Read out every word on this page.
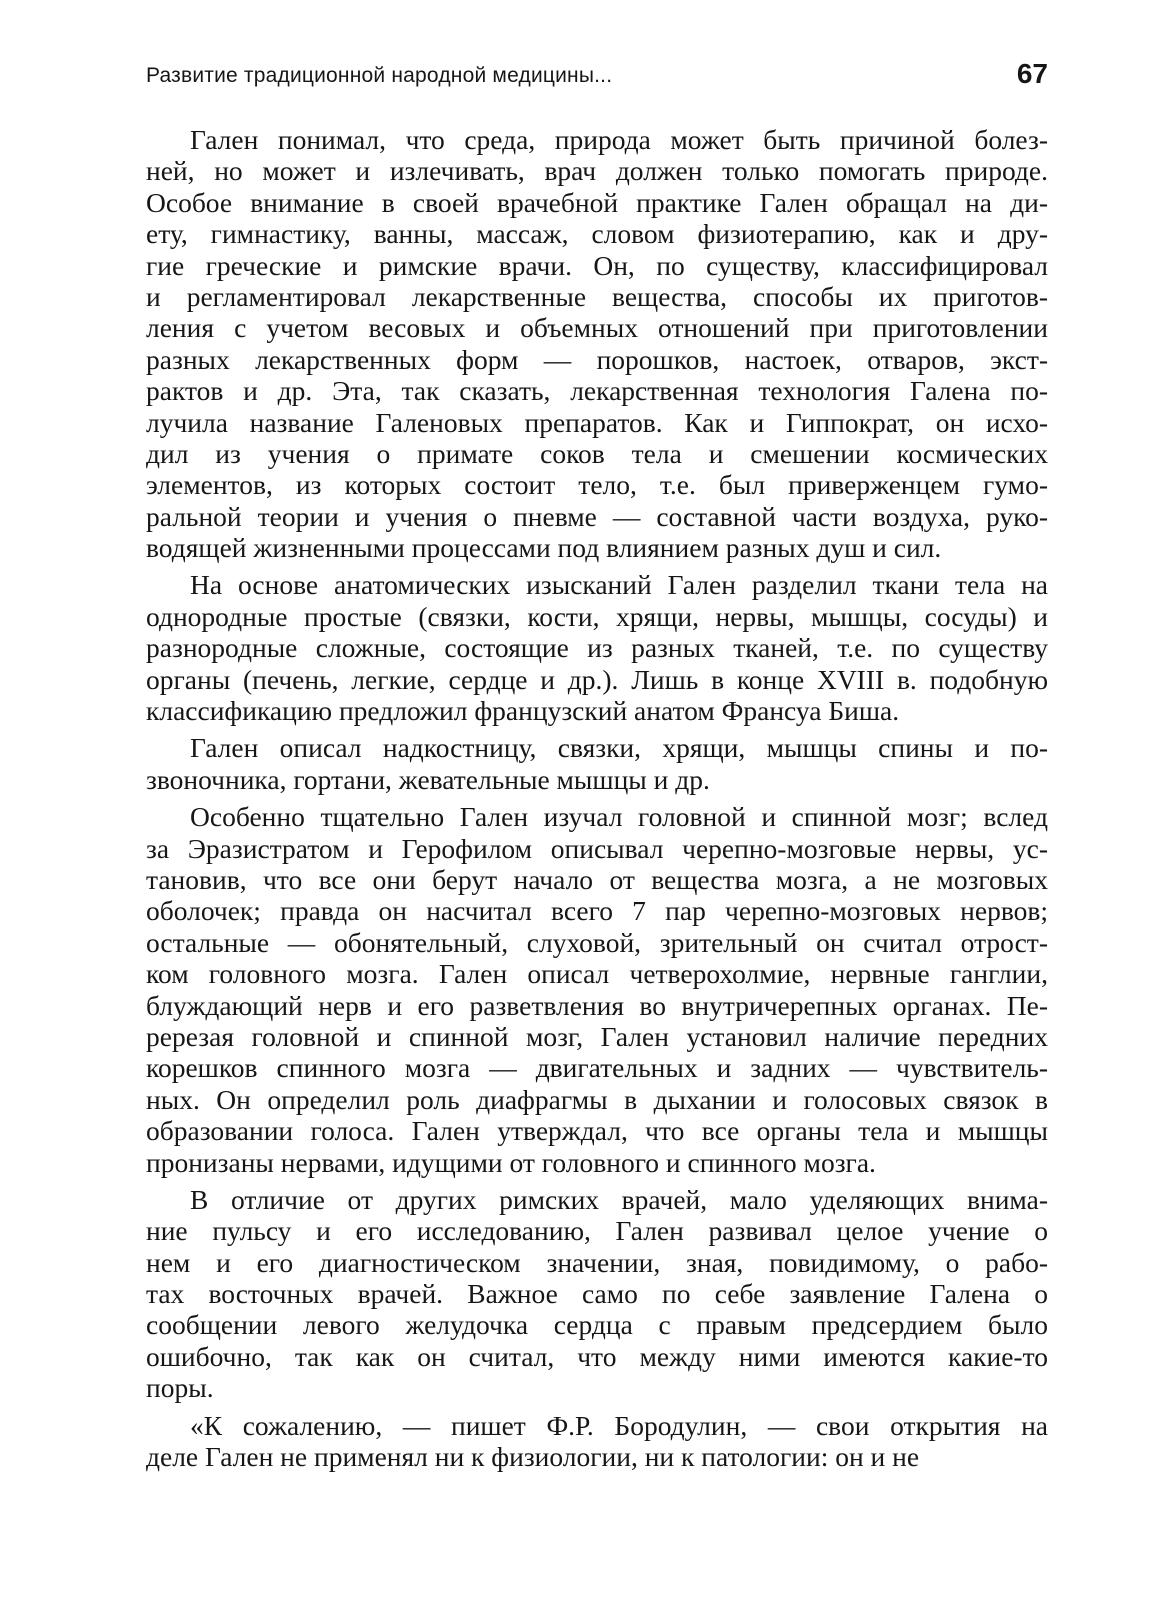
Развитие традиционной народной медицины...	67
Гален понимал, что среда, природа может быть причиной болез-
ней, но может и излечивать, врач должен только помогать природе.
Особое внимание в своей врачебной практике Гален обращал на ди-
ету, гимнастику, ванны, массаж, словом физиотерапию, как и дру-
гие греческие и римские врачи. Он, по существу, классифицировал
и регламентировал лекарственные вещества, способы их приготов-
ления с учетом весовых и объемных отношений при приготовлении
разных лекарственных форм — порошков, настоек, отваров, экст-
рактов и др. Эта, так сказать, лекарственная технология Галена по-
лучила название Галеновых препаратов. Как и Гиппократ, он исхо-
дил из учения о примате соков тела и смешении космических
элементов, из которых состоит тело, т.е. был приверженцем гумо-
ральной теории и учения о пневме — составной части воздуха, руко-
водящей жизненными процессами под влиянием разных душ и сил.
На основе анатомических изысканий Гален разделил ткани тела на
однородные простые (связки, кости, хрящи, нервы, мышцы, сосуды) и
разнородные сложные, состоящие из разных тканей, т.е. по существу
органы (печень, легкие, сердце и др.). Лишь в конце XVIII в. подобную
классификацию предложил французский анатом Франсуа Биша.
Гален описал надкостницу, связки, хрящи, мышцы спины и по-
звоночника, гортани, жевательные мышцы и др.
Особенно тщательно Гален изучал головной и спинной мозг; вслед
за Эразистратом и Герофилом описывал черепно-мозговые нервы, ус-
тановив, что все они берут начало от вещества мозга, а не мозговых
оболочек; правда он насчитал всего 7 пар черепно-мозговых нервов;
остальные — обонятельный, слуховой, зрительный он считал отрост-
ком головного мозга. Гален описал четверохолмие, нервные ганглии,
блуждающий нерв и его разветвления во внутричерепных органах. Пе-
ререзая головной и спинной мозг, Гален установил наличие передних
корешков спинного мозга — двигательных и задних — чувствитель-
ных. Он определил роль диафрагмы в дыхании и голосовых связок в
образовании голоса. Гален утверждал, что все органы тела и мышцы
пронизаны нервами, идущими от головного и спинного мозга.
В отличие от других римских врачей, мало уделяющих внима-
ние пульсу и его исследованию, Гален развивал целое учение о
нем и его диагностическом значении, зная, повидимому, о рабо-
тах восточных врачей. Важное само по себе заявление Галена о
сообщении левого желудочка сердца с правым предсердием было
ошибочно, так как он считал, что между ними имеются какие-то
поры.
«К сожалению, — пишет Ф.Р. Бородулин, — свои открытия на
деле Гален не применял ни к физиологии, ни к патологии: он и не
